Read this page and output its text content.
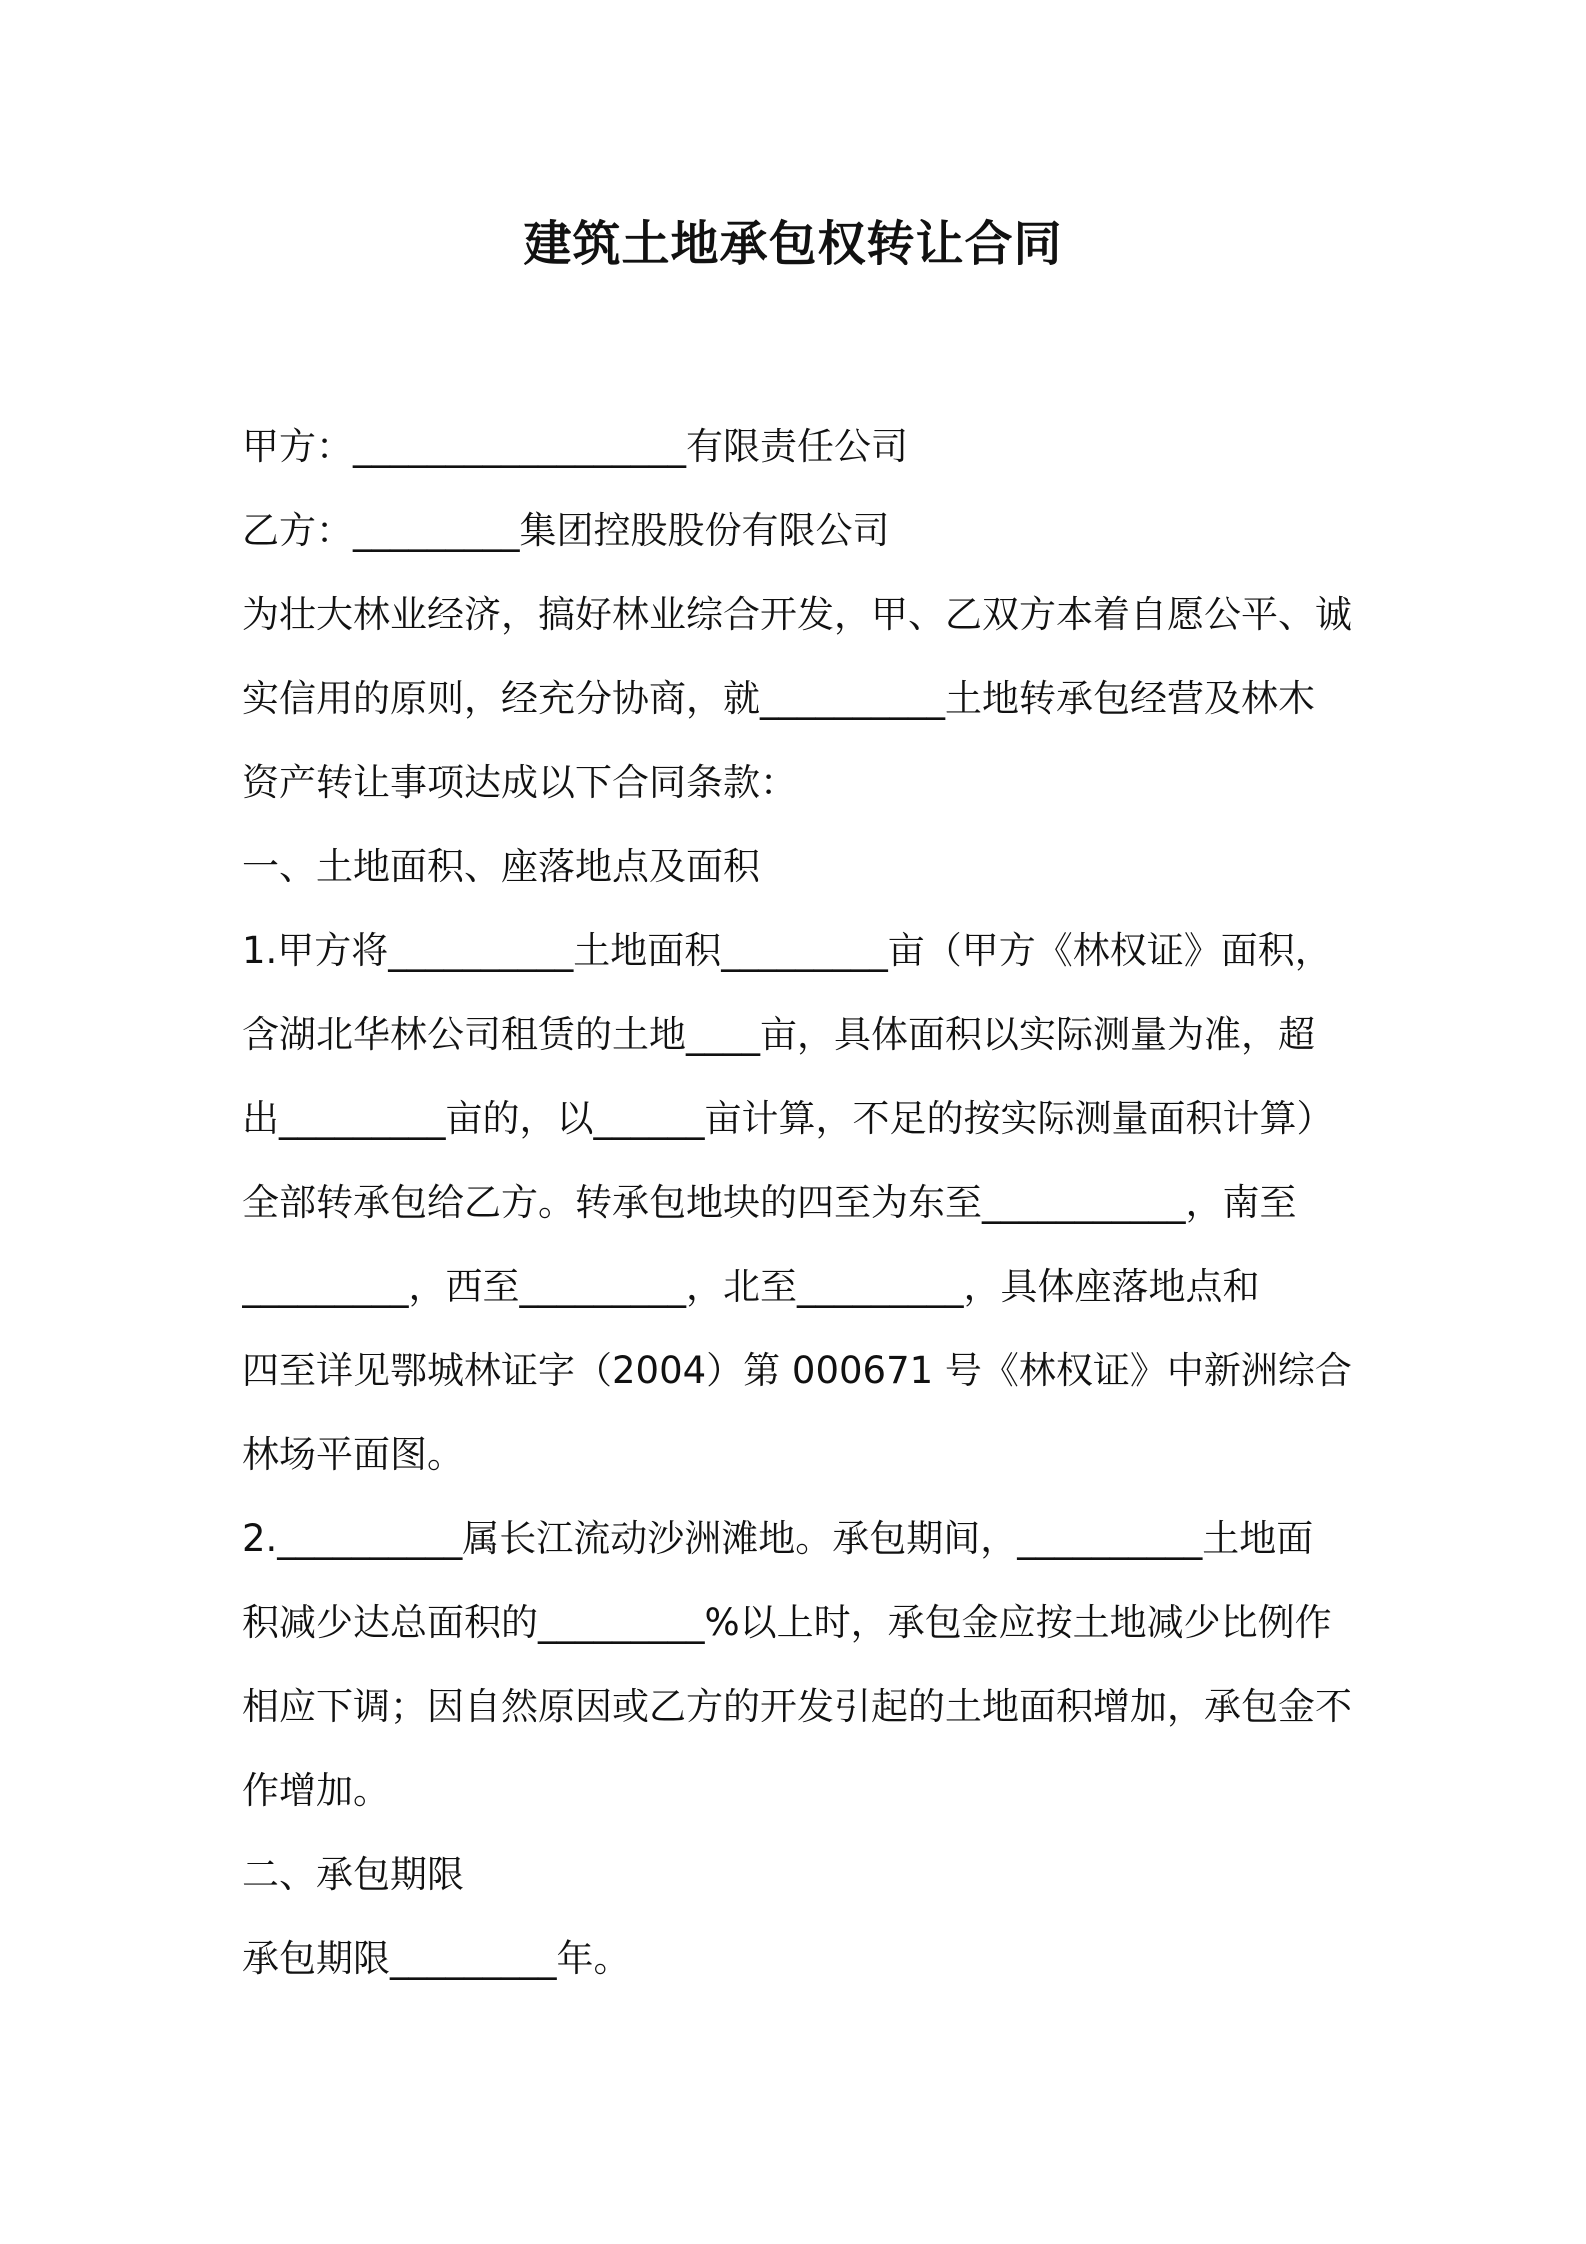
建筑土地承包权转让合同
甲方：__________________有限责任公司
乙方：_________集团控股股份有限公司
为壮大林业经济，搞好林业综合开发，甲、乙双方本着自愿公平、诚
实信用的原则，经充分协商，就__________土地转承包经营及林木
资产转让事项达成以下合同条款：
一、土地面积、座落地点及面积
1.甲方将__________土地面积_________亩（甲方《林权证》面积，
含湖北华林公司租赁的土地____亩，具体面积以实际测量为准，超
出_________亩的，以______亩计算，不足的按实际测量面积计算）
全部转承包给乙方。转承包地块的四至为东至___________，南至
_________，西至_________，北至_________，具体座落地点和
四至详见鄂城林证字（2004）第 000671 号《林权证》中新洲综合
林场平面图。
2.__________属长江流动沙洲滩地。承包期间，__________土地面
积减少达总面积的_________%以上时，承包金应按土地减少比例作
相应下调；因自然原因或乙方的开发引起的土地面积增加，承包金不
作增加。
二、承包期限
承包期限_________年。
